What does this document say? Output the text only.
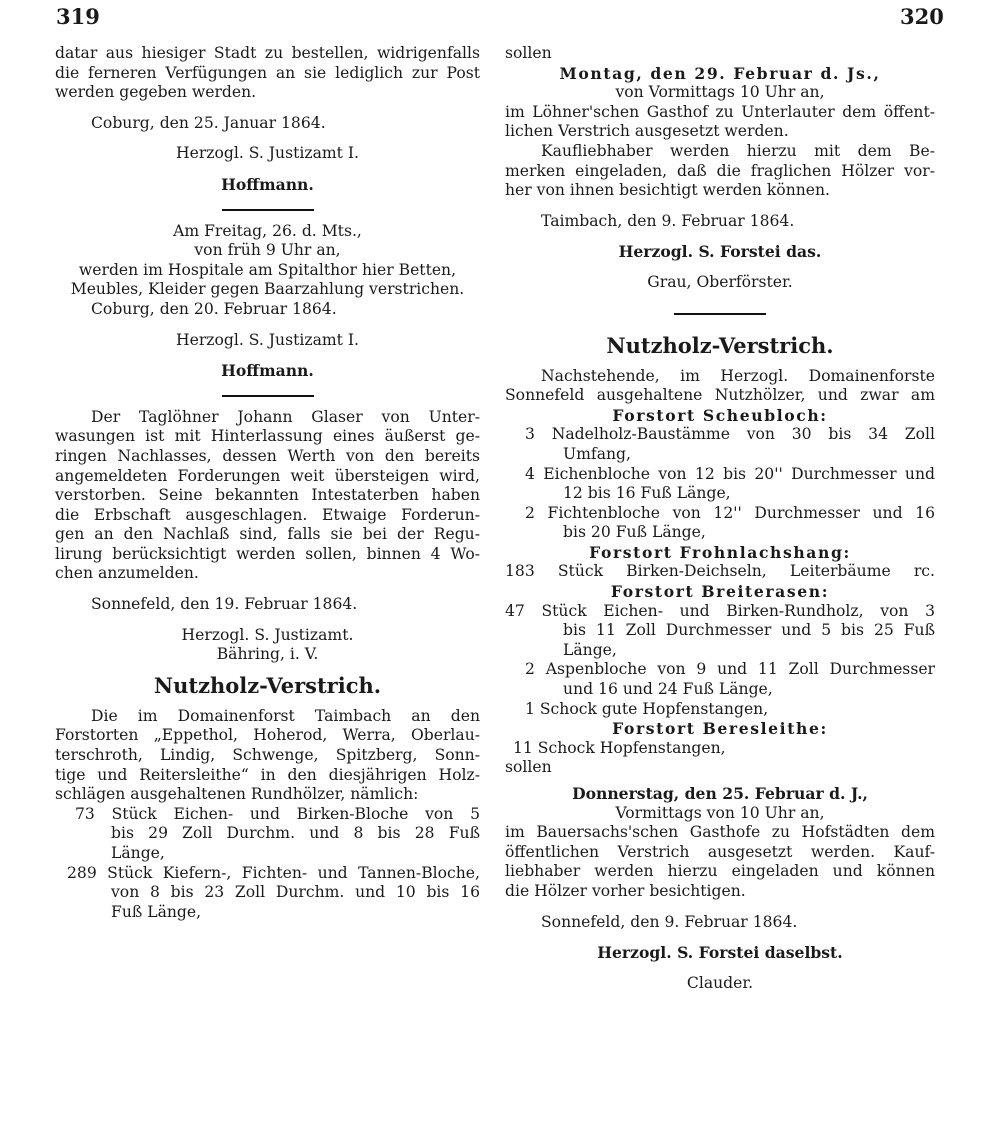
319	320
datar aus hiesiger Stadt zu bestellen, widrigenfalls
die ferneren Verfügungen an sie lediglich zur Post
werden gegeben werden.
Coburg, den 25. Januar 1864.
Herzogl. S. Justizamt I.
Hoffmann.
Am Freitag, 26. d. Mts.,
von früh 9 Uhr an,
werden im Hospitale am Spitalthor hier Betten,
Meubles, Kleider gegen Baarzahlung verstrichen.
Coburg, den 20. Februar 1864.
Herzogl. S. Justizamt I.
Hoffmann.
Der Taglöhner Johann Glaser von Unter-
wasungen ist mit Hinterlassung eines äußerst ge-
ringen Nachlasses, dessen Werth von den bereits
angemeldeten Forderungen weit übersteigen wird,
verstorben. Seine bekannten Intestaterben haben
die Erbschaft ausgeschlagen. Etwaige Forderun-
gen an den Nachlaß sind, falls sie bei der Regu-
lirung berücksichtigt werden sollen, binnen 4 Wo-
chen anzumelden.
Sonnefeld, den 19. Februar 1864.
Herzogl. S. Justizamt.
Bähring, i. V.
Nutzholz-Verstrich.
Die im Domainenforst Taimbach an den
Forstorten „Eppethol, Hoherod, Werra, Oberlau-
terschroth, Lindig, Schwenge, Spitzberg, Sonn-
tige und Reitersleithe“ in den diesjährigen Holz-
schlägen ausgehaltenen Rundhölzer, nämlich:
73 Stück Eichen- und Birken-Bloche von 5
bis 29 Zoll Durchm. und 8 bis 28 Fuß
Länge,
289 Stück Kiefern-, Fichten- und Tannen-Bloche,
von 8 bis 23 Zoll Durchm. und 10 bis 16
Fuß Länge,
sollen
Montag, den 29. Februar d. Js.,
von Vormittags 10 Uhr an,
im Löhner'schen Gasthof zu Unterlauter dem öffent-
lichen Verstrich ausgesetzt werden.
Kaufliebhaber werden hierzu mit dem Be-
merken eingeladen, daß die fraglichen Hölzer vor-
her von ihnen besichtigt werden können.
Taimbach, den 9. Februar 1864.
Herzogl. S. Forstei das.
Grau, Oberförster.
Nutzholz-Verstrich.
Nachstehende, im Herzogl. Domainenforste
Sonnefeld ausgehaltene Nutzhölzer, und zwar am
Forstort Scheubloch:
3 Nadelholz-Baustämme von 30 bis 34 Zoll
Umfang,
4 Eichenbloche von 12 bis 20'' Durchmesser und
12 bis 16 Fuß Länge,
2 Fichtenbloche von 12'' Durchmesser und 16
bis 20 Fuß Länge,
Forstort Frohnlachshang:
183 Stück Birken-Deichseln, Leiterbäume rc.
Forstort Breiterasen:
47 Stück Eichen- und Birken-Rundholz, von 3
bis 11 Zoll Durchmesser und 5 bis 25 Fuß
Länge,
2 Aspenbloche von 9 und 11 Zoll Durchmesser
und 16 und 24 Fuß Länge,
1 Schock gute Hopfenstangen,
Forstort Beresleithe:
11 Schock Hopfenstangen,
sollen
Donnerstag, den 25. Februar d. J.,
Vormittags von 10 Uhr an,
im Bauersachs'schen Gasthofe zu Hofstädten dem
öffentlichen Verstrich ausgesetzt werden. Kauf-
liebhaber werden hierzu eingeladen und können
die Hölzer vorher besichtigen.
Sonnefeld, den 9. Februar 1864.
Herzogl. S. Forstei daselbst.
Clauder.
